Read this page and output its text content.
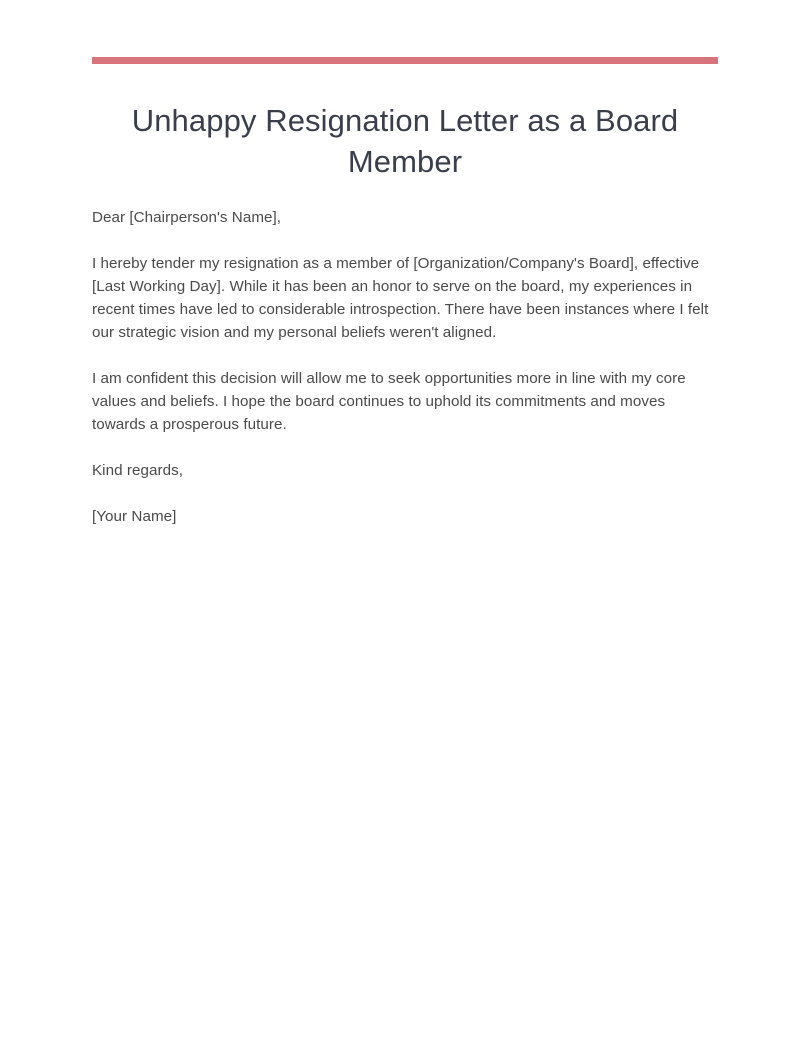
Unhappy Resignation Letter as a Board Member

Dear [Chairperson's Name],

I hereby tender my resignation as a member of [Organization/Company's Board], effective [Last Working Day]. While it has been an honor to serve on the board, my experiences in recent times have led to considerable introspection. There have been instances where I felt our strategic vision and my personal beliefs weren't aligned.

I am confident this decision will allow me to seek opportunities more in line with my core values and beliefs. I hope the board continues to uphold its commitments and moves towards a prosperous future.

Kind regards,

[Your Name]
